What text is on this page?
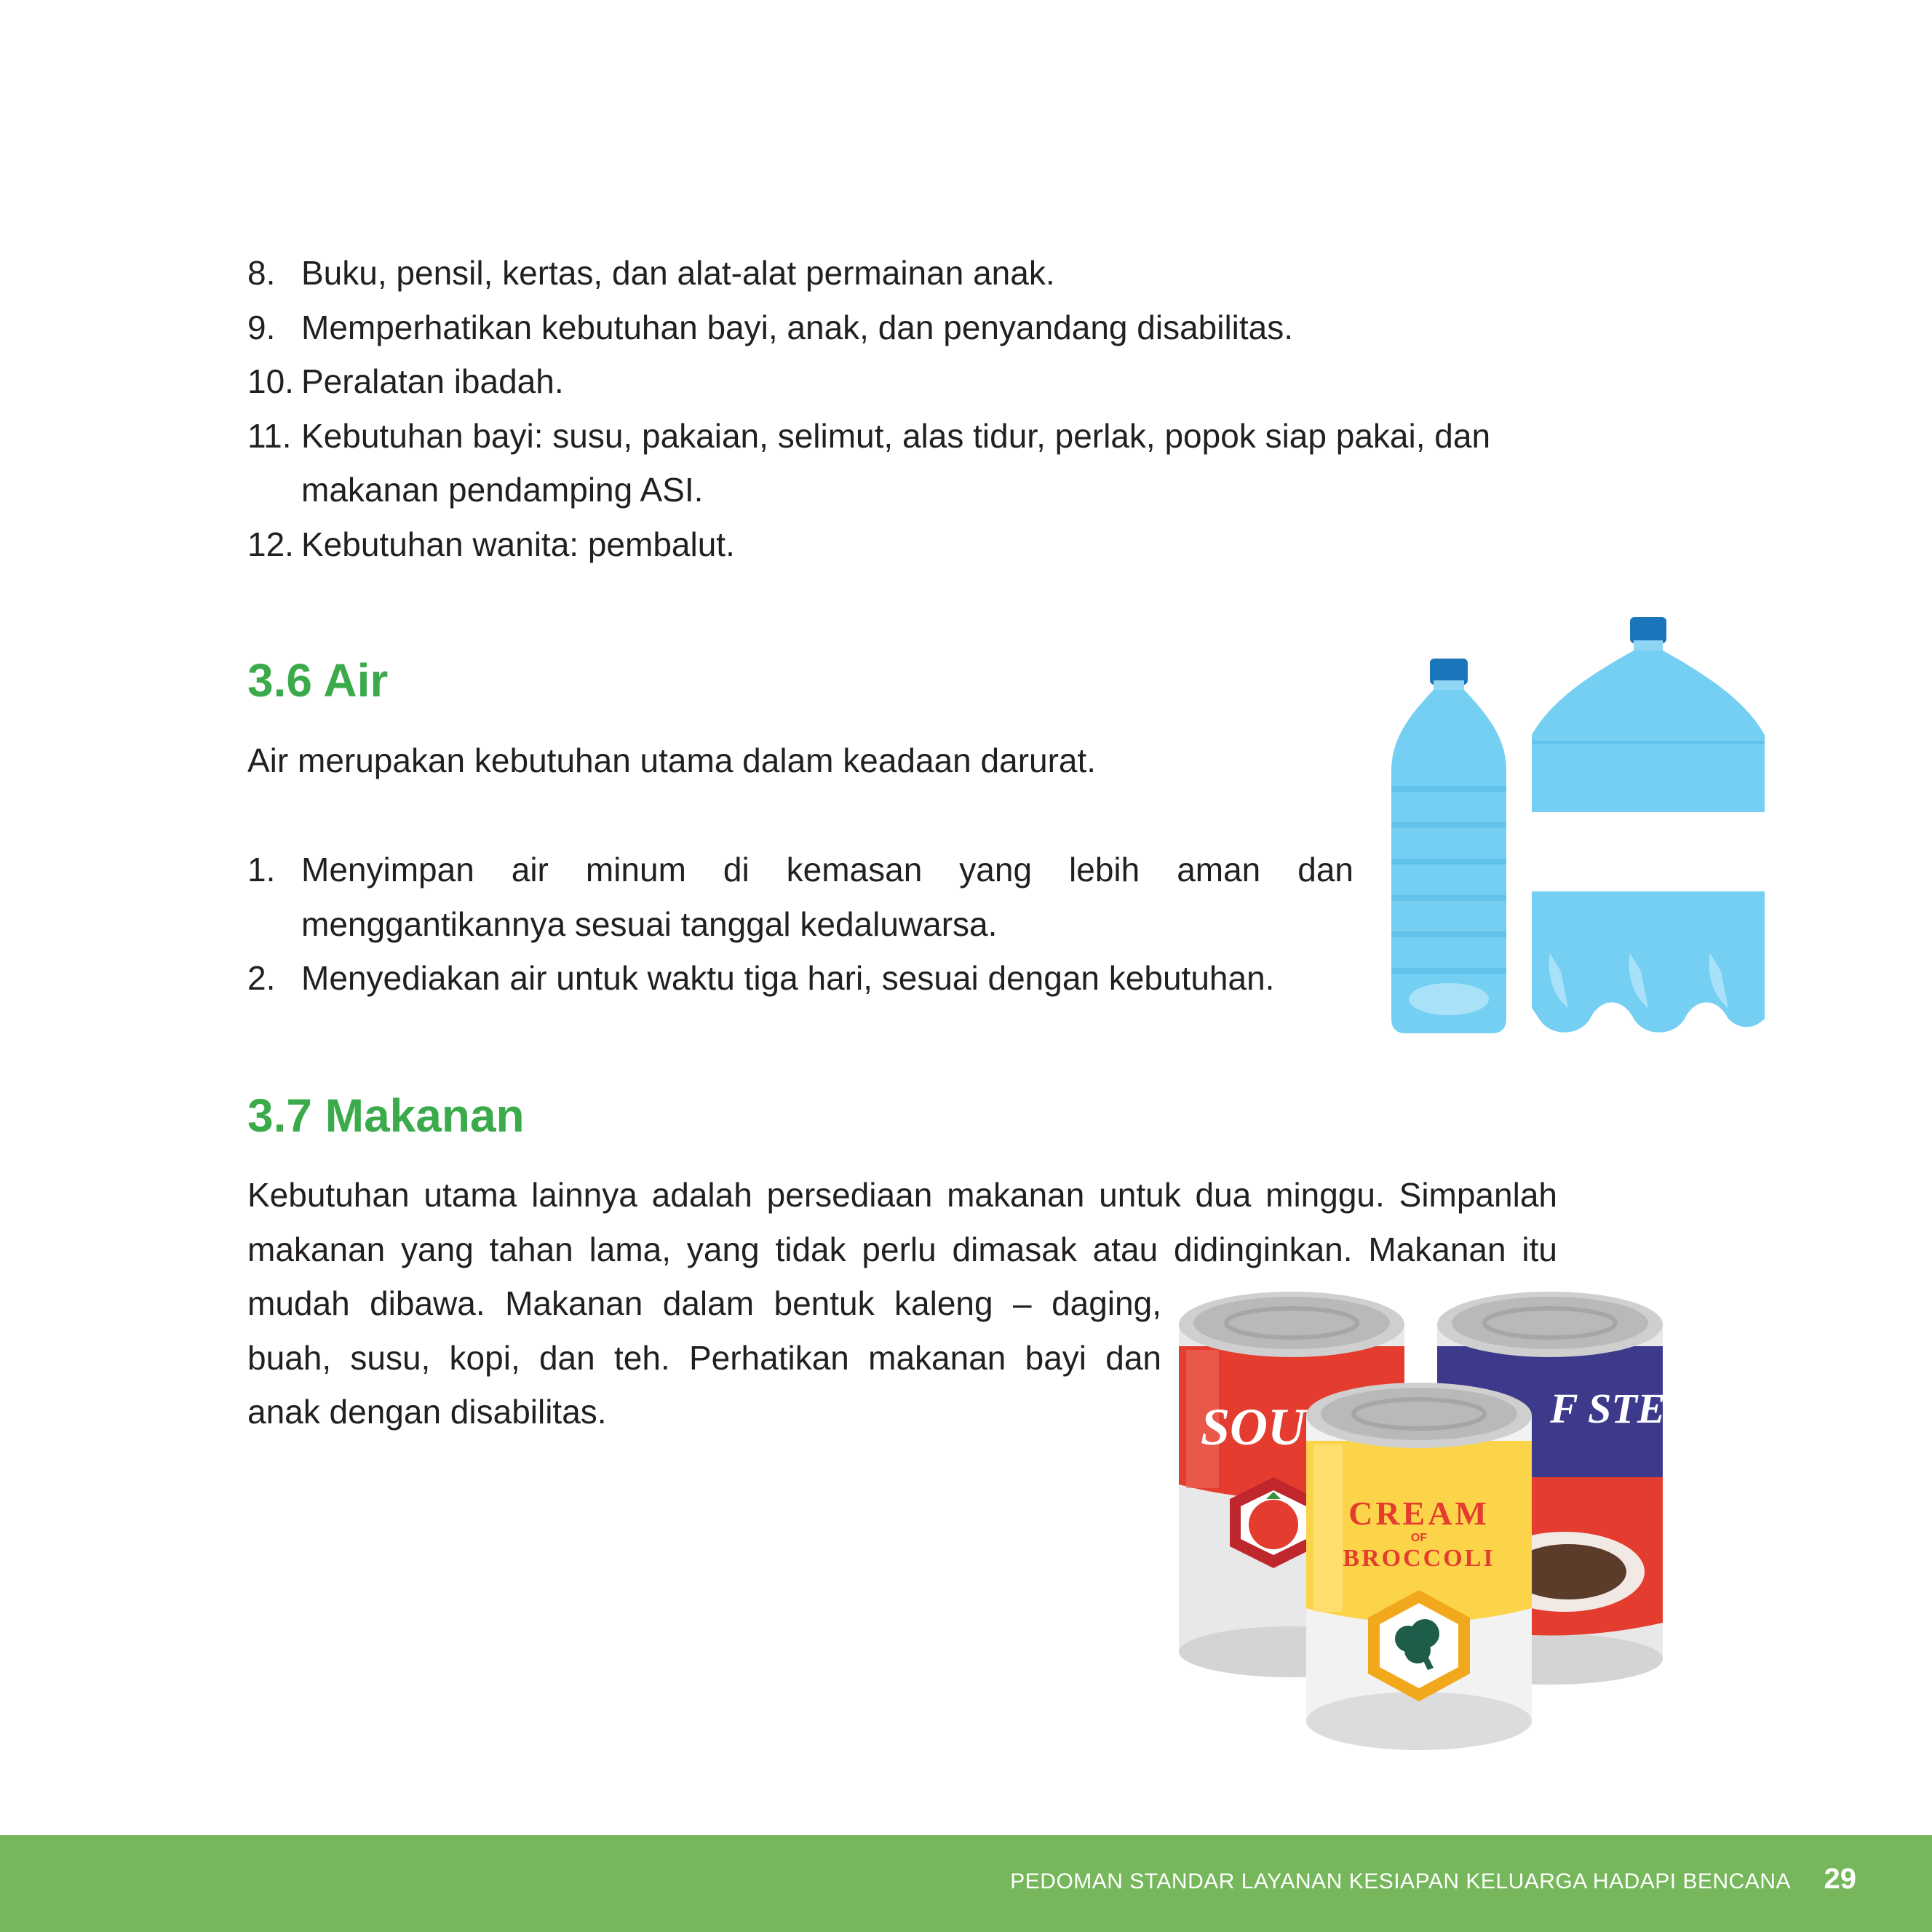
8. Buku, pensil, kertas, dan alat-alat permainan anak.
9. Memperhatikan kebutuhan bayi, anak, dan penyandang disabilitas.
10. Peralatan ibadah.
11. Kebutuhan bayi: susu, pakaian, selimut, alas tidur, perlak, popok siap pakai, dan makanan pendamping ASI.
12. Kebutuhan wanita: pembalut.
3.6 Air

Air merupakan kebutuhan utama dalam keadaan darurat.

1. Menyimpan air minum di kemasan yang lebih aman dan menggantikannya sesuai tanggal kedaluwarsa.
2. Menyediakan air untuk waktu tiga hari, sesuai dengan kebutuhan.
3.7 Makanan

Kebutuhan utama lainnya adalah persediaan makanan untuk dua minggu. Simpanlah makanan yang tahan lama, yang tidak perlu dimasak atau didinginkan. Makanan itu

mudah dibawa. Makanan dalam bentuk kaleng – daging, buah, susu, kopi, dan teh. Perhatikan makanan bayi dan anak dengan disabilitas.	SOU	F STEW
CREAM
OF
BROCCOLI
PEDOMAN STANDAR LAYANAN KESIAPAN KELUARGA HADAPI BENCANA 29
